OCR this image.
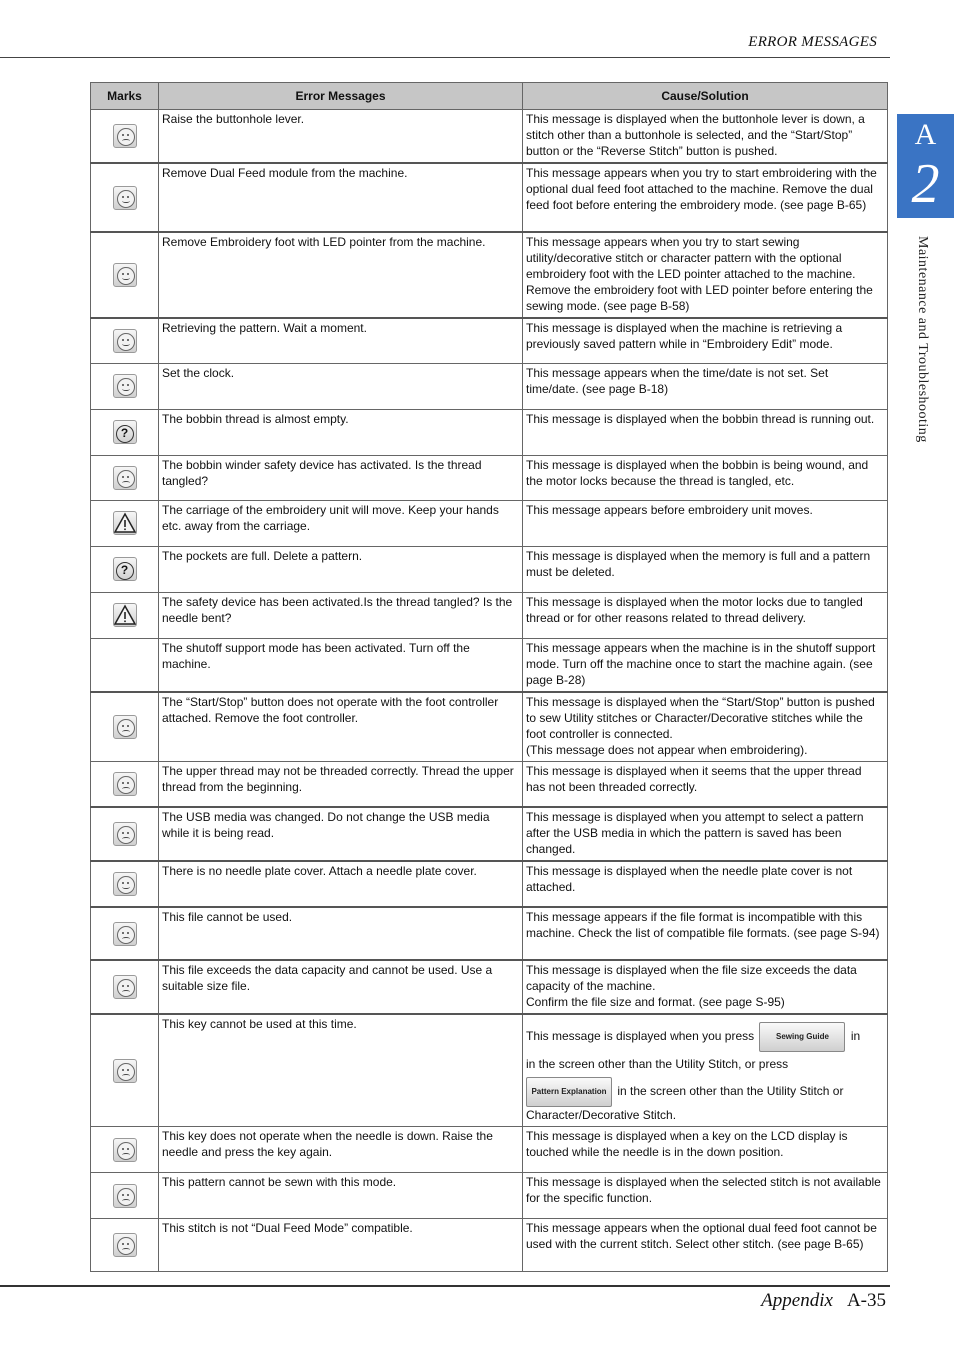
ERROR MESSAGES
A
2
Maintenance and Troubleshooting
Marks	Error Messages	Cause/Solution

	Raise the buttonhole lever.	This message is displayed when the buttonhole lever is down, a stitch other than a buttonhole is selected, and the “Start/Stop” button or the “Reverse Stitch” button is pushed.

	Remove Dual Feed module from the machine.	This message appears when you try to start embroidering with the optional dual feed foot attached to the machine. Remove the dual feed foot before entering the embroidery mode. (see page B-65)

	Remove Embroidery foot with LED pointer from the machine.	This message appears when you try to start sewing utility/decorative stitch or character pattern with the optional embroidery foot with the LED pointer attached to the machine. Remove the embroidery foot with LED pointer before entering the sewing mode. (see page B-58)

	Retrieving the pattern. Wait a moment.	This message is displayed when the machine is retrieving a previously saved pattern while in “Embroidery Edit” mode.

	Set the clock.	This message appears when the time/date is not set. Set time/date. (see page B-18)

?	The bobbin thread is almost empty.	This message is displayed when the bobbin thread is running out.

	The bobbin winder safety device has activated. Is the thread tangled?	This message is displayed when the bobbin is being wound, and the motor locks because the thread is tangled, etc.
	The carriage of the embroidery unit will move. Keep your hands etc. away from the carriage.	This message appears before embroidery unit moves.

?	The pockets are full. Delete a pattern.	This message is displayed when the memory is full and a pattern must be deleted.
	The safety device has been activated.Is the thread tangled? Is the needle bent?	This message is displayed when the motor locks due to tangled thread or for other reasons related to thread delivery.
	The shutoff support mode has been activated. Turn off the machine.	This message appears when the machine is in the shutoff support mode. Turn off the machine once to start the machine again. (see page B-28)

	The “Start/Stop” button does not operate with the foot controller attached. Remove the foot controller.	This message is displayed when the “Start/Stop” button is pushed to sew Utility stitches or Character/Decorative stitches while the foot controller is connected.
(This message does not appear when embroidering).

	The upper thread may not be threaded correctly. Thread the upper thread from the beginning.	This message is displayed when it seems that the upper thread has not been threaded correctly.

	The USB media was changed. Do not change the USB media while it is being read.	This message is displayed when you attempt to select a pattern after the USB media in which the pattern is saved has been changed.

	There is no needle plate cover. Attach a needle plate cover.	This message is displayed when the needle plate cover is not attached.

	This file cannot be used.	This message appears if the file format is incompatible with this machine. Check the list of compatible file formats. (see page S-94)

	This file exceeds the data capacity and cannot be used. Use a suitable size file.	This message is displayed when the file size exceeds the data capacity of the machine.
Confirm the file size and format. (see page S-95)

	This key cannot be used at this time.	This message is displayed when you press Sewing Guide in
in the screen other than the Utility Stitch, or press
Pattern Explanation in the screen other than the Utility Stitch or Character/Decorative Stitch.

	This key does not operate when the needle is down. Raise the needle and press the key again.	This message is displayed when a key on the LCD display is touched while the needle is in the down position.

	This pattern cannot be sewn with this mode.	This message is displayed when the selected stitch is not available for the specific function.

	This stitch is not “Dual Feed Mode” compatible.	This message appears when the optional dual feed foot cannot be used with the current stitch. Select other stitch. (see page B-65)
Appendix A-35
